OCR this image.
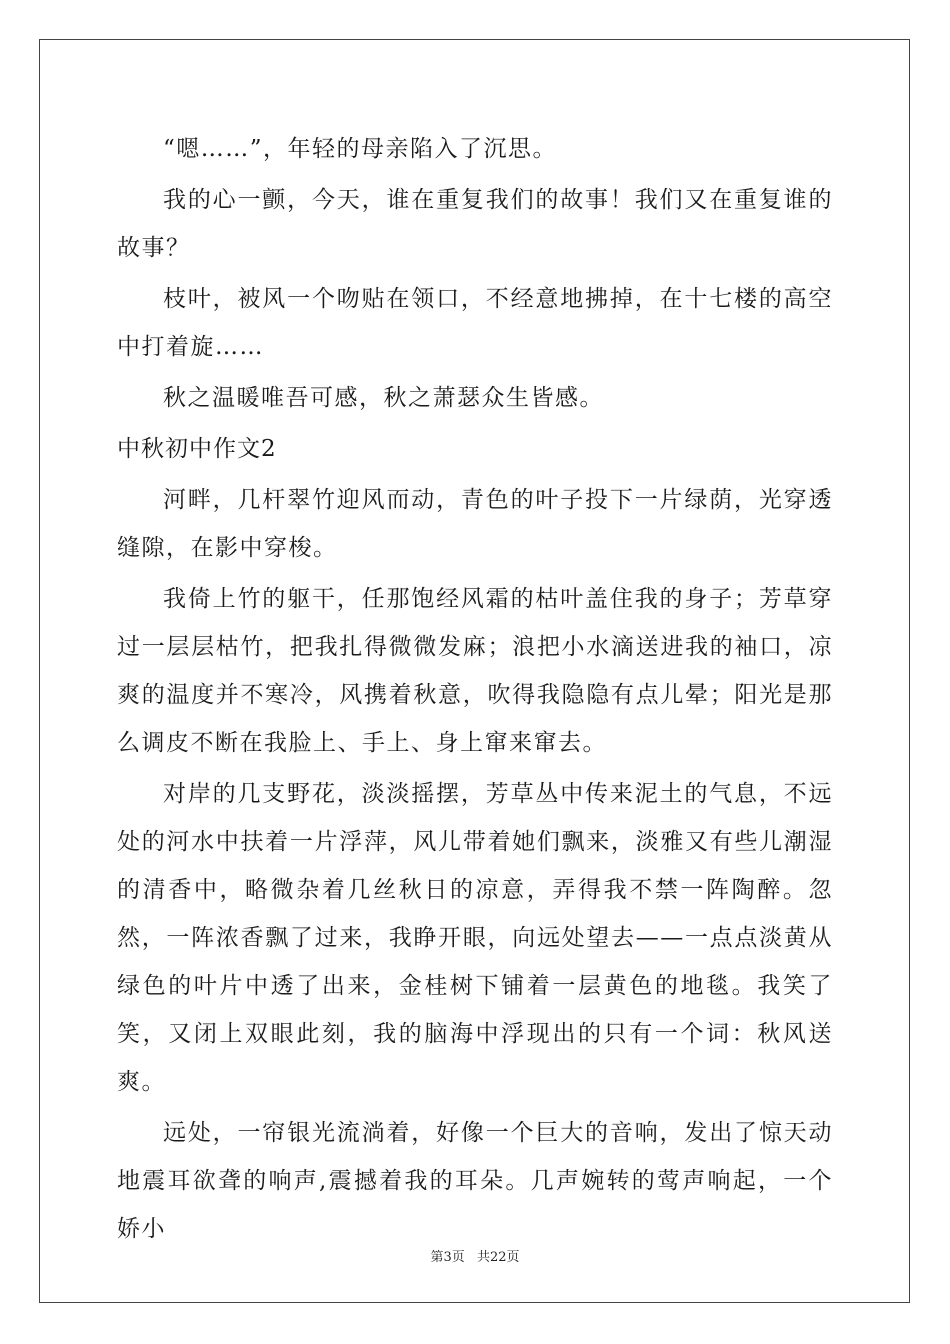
“嗯……”，年轻的母亲陷入了沉思。

我的心一颤，今天，谁在重复我们的故事！我们又在重复谁的故事？

枝叶，被风一个吻贴在领口，不经意地拂掉，在十七楼的高空中打着旋……

秋之温暖唯吾可感，秋之萧瑟众生皆感。

中秋初中作文2

河畔，几杆翠竹迎风而动，青色的叶子投下一片绿荫，光穿透缝隙，在影中穿梭。

我倚上竹的躯干，任那饱经风霜的枯叶盖住我的身子；芳草穿过一层层枯竹，把我扎得微微发麻；浪把小水滴送进我的袖口，凉爽的温度并不寒冷，风携着秋意，吹得我隐隐有点儿晕；阳光是那么调皮不断在我脸上、手上、身上窜来窜去。

对岸的几支野花，淡淡摇摆，芳草丛中传来泥土的气息，不远处的河水中扶着一片浮萍，风儿带着她们飘来，淡雅又有些儿潮湿的清香中，略微杂着几丝秋日的凉意，弄得我不禁一阵陶醉。忽然，一阵浓香飘了过来，我睁开眼，向远处望去——一点点淡黄从绿色的叶片中透了出来，金桂树下铺着一层黄色的地毯。我笑了笑，又闭上双眼此刻，我的脑海中浮现出的只有一个词：秋风送爽。

远处，一帘银光流淌着，好像一个巨大的音响，发出了惊天动地震耳欲聋的响声,震撼着我的耳朵。几声婉转的莺声响起，一个娇小

第3页 共22页
